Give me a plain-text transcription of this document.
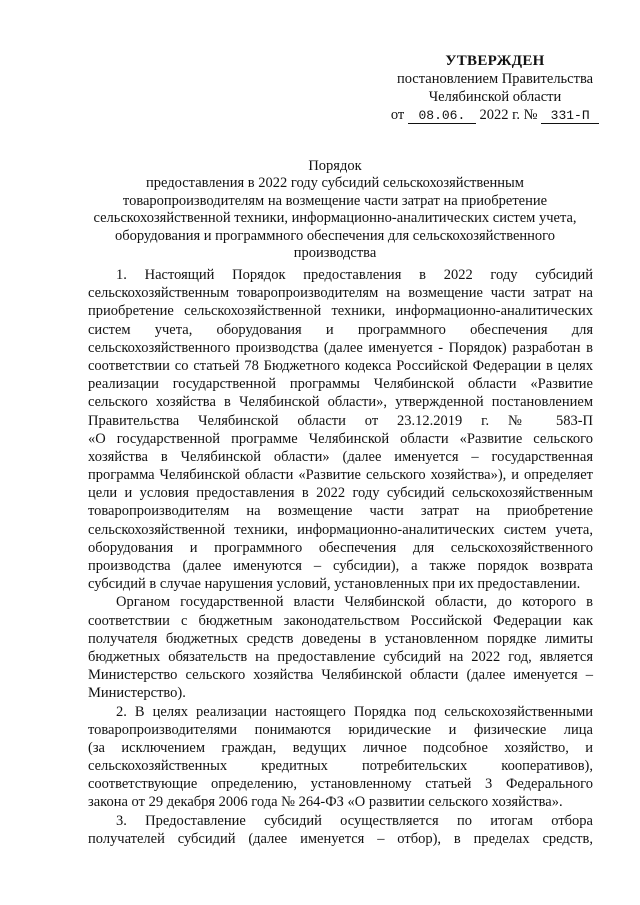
УТВЕРЖДЕН
постановлением Правительства
Челябинской области
от 08.06. 2022 г. № 331-П
Порядок
предоставления в 2022 году субсидий сельскохозяйственным
товаропроизводителям на возмещение части затрат на приобретение
сельскохозяйственной техники, информационно-аналитических систем учета,
оборудования и программного обеспечения для сельскохозяйственного
производства
1. Настоящий Порядок предоставления в 2022 году субсидий
сельскохозяйственным товаропроизводителям на возмещение части затрат на
приобретение сельскохозяйственной техники, информационно-аналитических
систем учета, оборудования и программного обеспечения для
сельскохозяйственного производства (далее именуется - Порядок) разработан в
соответствии со статьей 78 Бюджетного кодекса Российской Федерации в целях
реализации государственной программы Челябинской области «Развитие
сельского хозяйства в Челябинской области», утвержденной постановлением
Правительства Челябинской области от 23.12.2019 г. № 583-П
«О государственной программе Челябинской области «Развитие сельского
хозяйства в Челябинской области» (далее именуется – государственная
программа Челябинской области «Развитие сельского хозяйства»), и определяет
цели и условия предоставления в 2022 году субсидий сельскохозяйственным
товаропроизводителям на возмещение части затрат на приобретение
сельскохозяйственной техники, информационно-аналитических систем учета,
оборудования и программного обеспечения для сельскохозяйственного
производства (далее именуются – субсидии), а также порядок возврата
субсидий в случае нарушения условий, установленных при их предоставлении.
Органом государственной власти Челябинской области, до которого в
соответствии с бюджетным законодательством Российской Федерации как
получателя бюджетных средств доведены в установленном порядке лимиты
бюджетных обязательств на предоставление субсидий на 2022 год, является
Министерство сельского хозяйства Челябинской области (далее именуется –
Министерство).
2. В целях реализации настоящего Порядка под сельскохозяйственными
товаропроизводителями понимаются юридические и физические лица
(за исключением граждан, ведущих личное подсобное хозяйство, и
сельскохозяйственных кредитных потребительских кооперативов),
соответствующие определению, установленному статьей 3 Федерального
закона от 29 декабря 2006 года № 264-ФЗ «О развитии сельского хозяйства».
3. Предоставление субсидий осуществляется по итогам отбора
получателей субсидий (далее именуется – отбор), в пределах средств,
